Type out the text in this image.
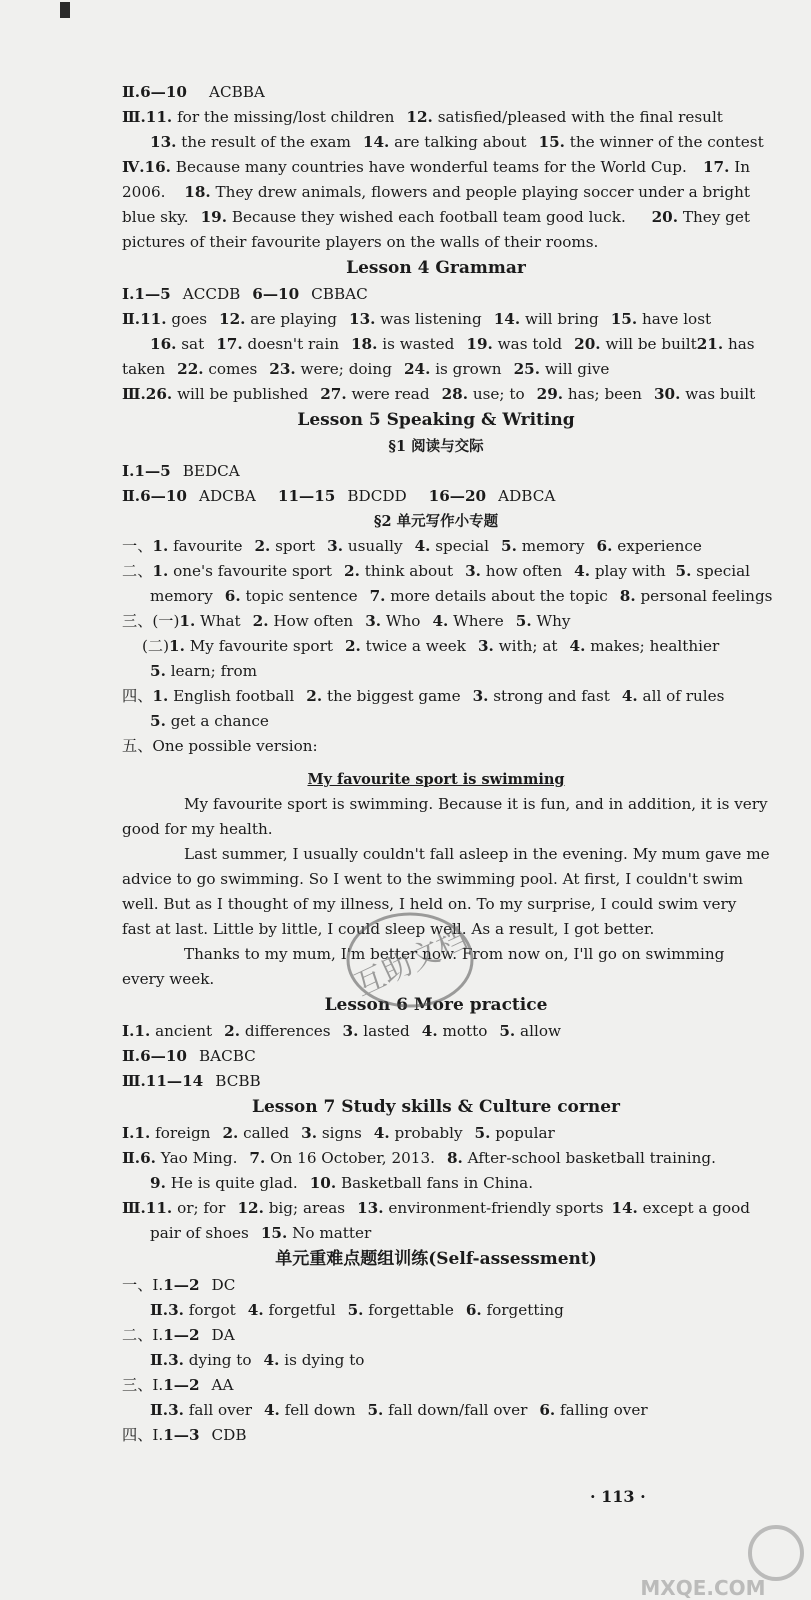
Ⅱ.6—10 ACBBA
Ⅲ.11. for the missing/lost children 12. satisfied/pleased with the final result
13. the result of the exam 14. are talking about 15. the winner of the contest
Ⅳ.16. Because many countries have wonderful teams for the World Cup. 17. In
2006. 18. They drew animals, flowers and people playing soccer under a bright
blue sky. 19. Because they wished each football team good luck. 20. They get
pictures of their favourite players on the walls of their rooms.
Lesson 4 Grammar
Ⅰ.1—5 ACCDB 6—10 CBBAC
Ⅱ.11. goes 12. are playing 13. was listening 14. will bring 15. have lost
16. sat 17. doesn't rain 18. is wasted 19. was told 20. will be built 21. has
taken 22. comes 23. were; doing 24. is grown 25. will give
Ⅲ.26. will be published 27. were read 28. use; to 29. has; been 30. was built
Lesson 5 Speaking & Writing
§1 阅读与交际
Ⅰ.1—5 BEDCA
Ⅱ.6—10 ADCBA 11—15 BDCDD 16—20 ADBCA
§2 单元写作小专题
一、1. favourite 2. sport 3. usually 4. special 5. memory 6. experience
二、1. one's favourite sport 2. think about 3. how often 4. play with 5. special
memory 6. topic sentence 7. more details about the topic 8. personal feelings
三、(一)1. What 2. How often 3. Who 4. Where 5. Why
(二)1. My favourite sport 2. twice a week 3. with; at 4. makes; healthier
5. learn; from
四、1. English football 2. the biggest game 3. strong and fast 4. all of rules
5. get a chance
五、One possible version:
My favourite sport is swimming
My favourite sport is swimming. Because it is fun, and in addition, it is very
good for my health.
Last summer, I usually couldn't fall asleep in the evening. My mum gave me
advice to go swimming. So I went to the swimming pool. At first, I couldn't swim
well. But as I thought of my illness, I held on. To my surprise, I could swim very
fast at last. Little by little, I could sleep well. As a result, I got better.
Thanks to my mum, I'm better now. From now on, I'll go on swimming
every week.
Lesson 6 More practice
Ⅰ.1. ancient 2. differences 3. lasted 4. motto 5. allow
Ⅱ.6—10 BACBC
Ⅲ.11—14 BCBB
Lesson 7 Study skills & Culture corner
Ⅰ.1. foreign 2. called 3. signs 4. probably 5. popular
Ⅱ.6. Yao Ming. 7. On 16 October, 2013. 8. After-school basketball training.
9. He is quite glad. 10. Basketball fans in China.
Ⅲ.11. or; for 12. big; areas 13. environment-friendly sports 14. except a good
pair of shoes 15. No matter
单元重难点题组训练(Self-assessment)
一、Ⅰ.1—2 DC
Ⅱ.3. forgot 4. forgetful 5. forgettable 6. forgetting
二、Ⅰ.1—2 DA
Ⅱ.3. dying to 4. is dying to
三、Ⅰ.1—2 AA
Ⅱ.3. fall over 4. fell down 5. fall down/fall over 6. falling over
四、Ⅰ.1—3 CDB
· 113 ·
互助文档
MXQE.COM
